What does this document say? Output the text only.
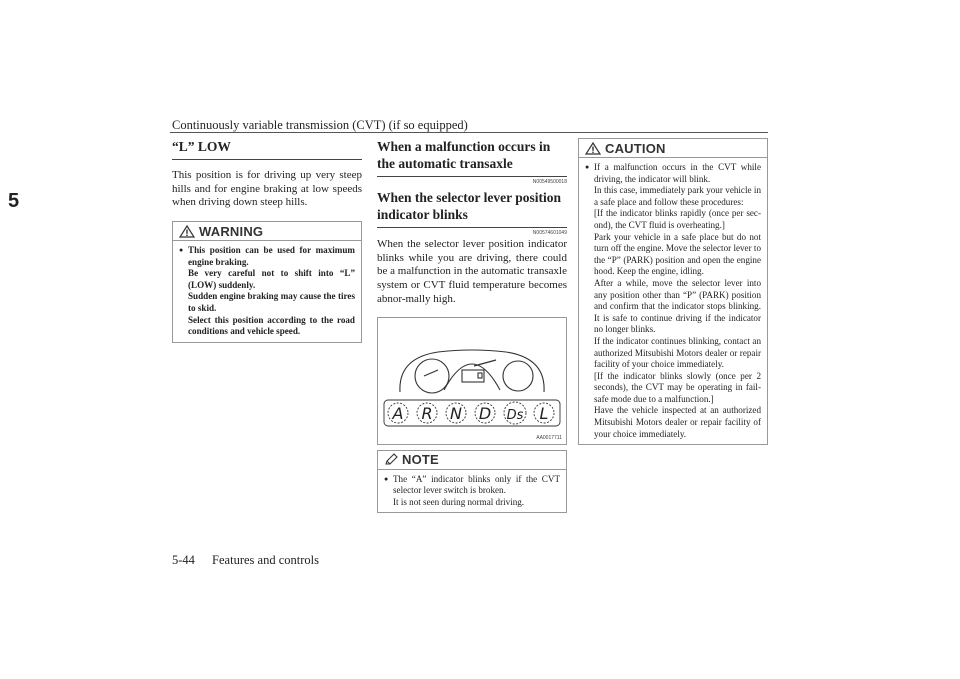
Continuously variable transmission (CVT) (if so equipped)
5
“L” LOW

This position is for driving up very steep hills and for engine braking at low speeds when driving down steep hills.

WARNING
● This position can be used for maximum engine braking.
Be very careful not to shift into “L” (LOW) suddenly.
Sudden engine braking may cause the tires to skid.
Select this position according to the road conditions and vehicle speed.
When a malfunction occurs in the automatic transaxle
N00549500018
When the selector lever position indicator blinks
N00574601049

When the selector lever position indicator blinks while you are driving, there could be a malfunction in the automatic transaxle system or CVT fluid temperature becomes abnor-mally high.

A R N D Ds L
AA0017711
NOTE
● The “A” indicator blinks only if the CVT selector lever switch is broken.
It is not seen during normal driving.
CAUTION
● If a malfunction occurs in the CVT while driving, the indicator will blink.
In this case, immediately park your vehicle in a safe place and follow these procedures:
[If the indicator blinks rapidly (once per sec-ond), the CVT fluid is overheating.]
Park your vehicle in a safe place but do not turn off the engine. Move the selector lever to the “P” (PARK) position and open the engine hood. Keep the engine, idling.
After a while, move the selector lever into any position other than “P” (PARK) position and confirm that the indicator stops blinking. It is safe to continue driving if the indicator no longer blinks.
If the indicator continues blinking, contact an authorized Mitsubishi Motors dealer or repair facility of your choice immediately.
[If the indicator blinks slowly (once per 2 seconds), the CVT may be operating in fail-safe mode due to a malfunction.]
Have the vehicle inspected at an authorized Mitsubishi Motors dealer or repair facility of your choice immediately.
5-44 Features and controls
